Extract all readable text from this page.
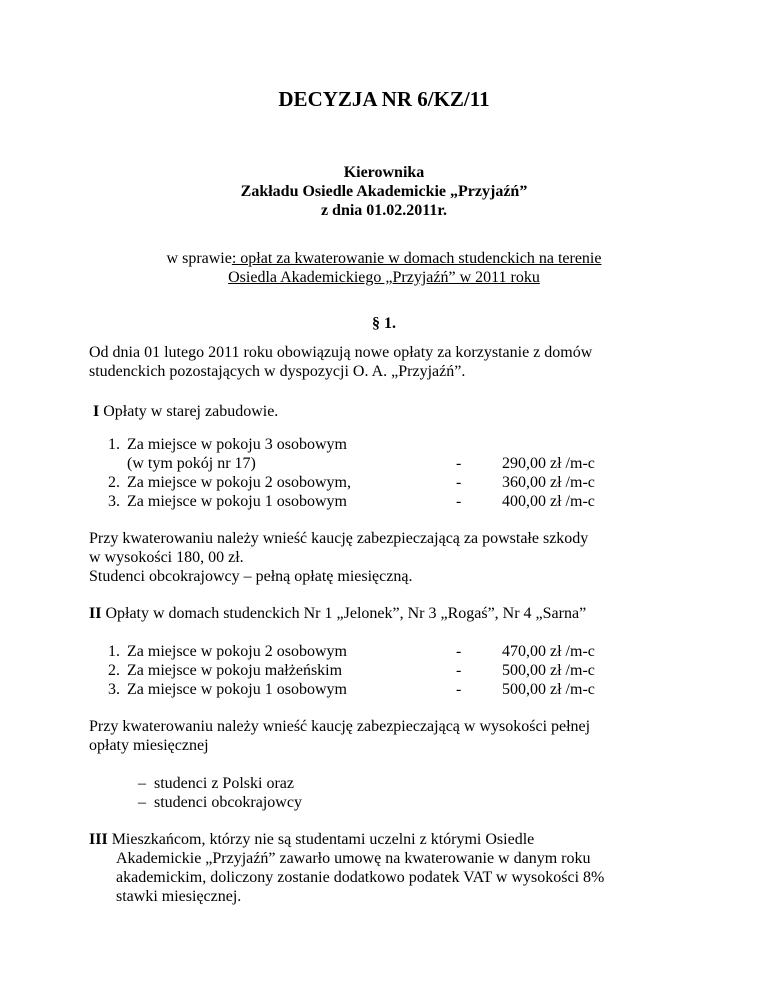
DECYZJA NR 6/KZ/11
Kierownika
Zakładu Osiedle Akademickie „Przyjaźń”
z dnia 01.02.2011r.
w sprawie: opłat za kwaterowanie w domach studenckich na terenie
Osiedla Akademickiego „Przyjaźń” w 2011 roku
§ 1.
Od dnia 01 lutego 2011 roku obowiązują nowe opłaty za korzystanie z domów
studenckich pozostających w dyspozycji O. A. „Przyjaźń”.
I Opłaty w starej zabudowie.
1. Za miejsce w pokoju 3 osobowym
(w tym pokój nr 17)
2. Za miejsce w pokoju 2 osobowym,
3. Za miejsce w pokoju 1 osobowym
-
-
-
290,00 zł /m-c
360,00 zł /m-c
400,00 zł /m-c
Przy kwaterowaniu należy wnieść kaucję zabezpieczającą za powstałe szkody
w wysokości 180, 00 zł.
Studenci obcokrajowcy – pełną opłatę miesięczną.
II Opłaty w domach studenckich Nr 1 „Jelonek”, Nr 3 „Rogaś”, Nr 4 „Sarna”
1. Za miejsce w pokoju 2 osobowym
2. Za miejsce w pokoju małżeńskim
3. Za miejsce w pokoju 1 osobowym
-
-
-
470,00 zł /m-c
500,00 zł /m-c
500,00 zł /m-c
Przy kwaterowaniu należy wnieść kaucję zabezpieczającą w wysokości pełnej
opłaty miesięcznej
– studenci z Polski oraz
– studenci obcokrajowcy
III Mieszkańcom, którzy nie są studentami uczelni z którymi Osiedle
Akademickie „Przyjaźń” zawarło umowę na kwaterowanie w danym roku
akademickim, doliczony zostanie dodatkowo podatek VAT w wysokości 8%
stawki miesięcznej.
